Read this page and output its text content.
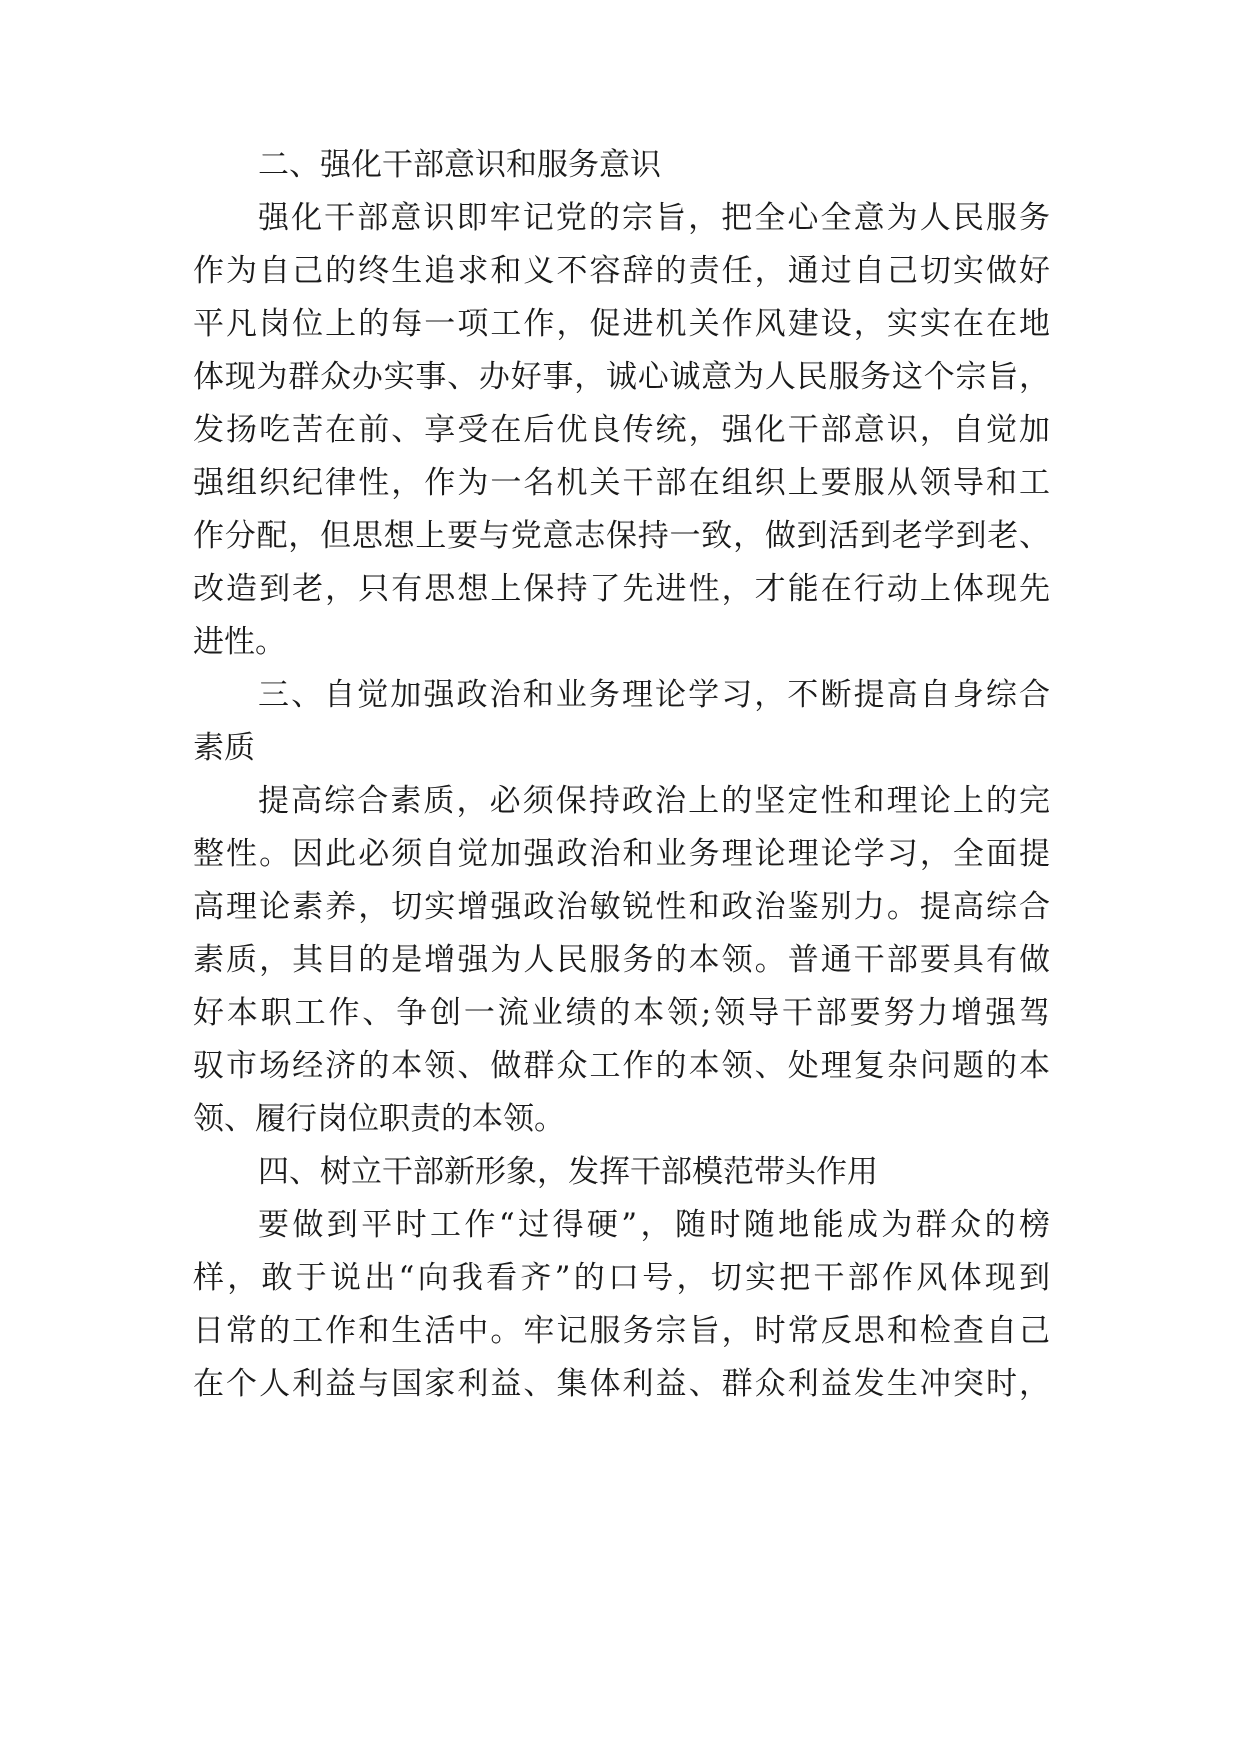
二、强化干部意识和服务意识
强化干部意识即牢记党的宗旨，把全心全意为人民服务
作为自己的终生追求和义不容辞的责任，通过自己切实做好
平凡岗位上的每一项工作，促进机关作风建设，实实在在地
体现为群众办实事、办好事，诚心诚意为人民服务这个宗旨，
发扬吃苦在前、享受在后优良传统，强化干部意识，自觉加
强组织纪律性，作为一名机关干部在组织上要服从领导和工
作分配，但思想上要与党意志保持一致，做到活到老学到老、
改造到老，只有思想上保持了先进性，才能在行动上体现先
进性。
三、自觉加强政治和业务理论学习，不断提高自身综合
素质
提高综合素质，必须保持政治上的坚定性和理论上的完
整性。因此必须自觉加强政治和业务理论理论学习，全面提
高理论素养，切实增强政治敏锐性和政治鉴别力。提高综合
素质，其目的是增强为人民服务的本领。普通干部要具有做
好本职工作、争创一流业绩的本领;领导干部要努力增强驾
驭市场经济的本领、做群众工作的本领、处理复杂问题的本
领、履行岗位职责的本领。
四、树立干部新形象，发挥干部模范带头作用
要做到平时工作“过得硬”，随时随地能成为群众的榜
样，敢于说出“向我看齐”的口号，切实把干部作风体现到
日常的工作和生活中。牢记服务宗旨，时常反思和检查自己
在个人利益与国家利益、集体利益、群众利益发生冲突时，
